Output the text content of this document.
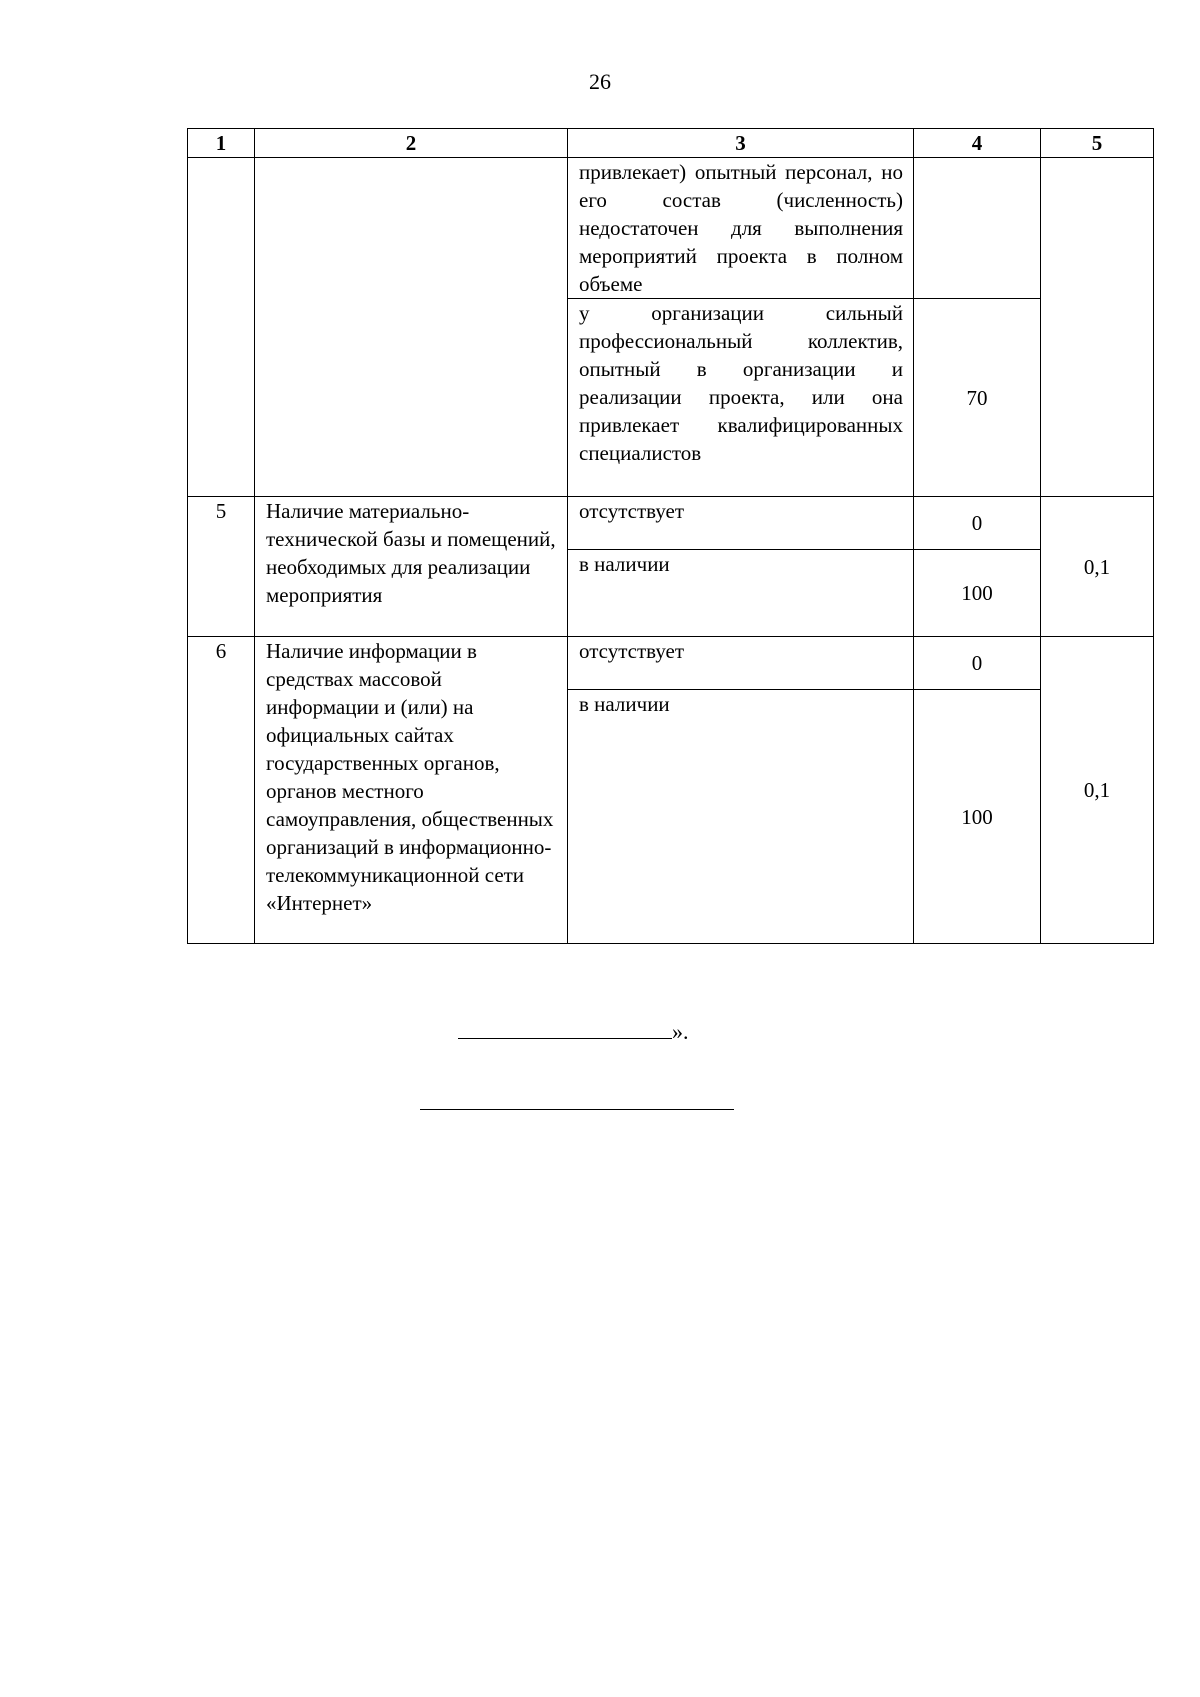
26
1	2	3	4	5
		привлекает) опытный персонал, но его состав (численность) недостаточен для выполнения мероприятий проекта в полном объеме		
		у организации сильный профессиональный коллектив, опытный в организации и реализации проекта, или она привлекает квалифицированных специалистов	70	
5	Наличие материально-технической базы и помещений, необходимых для реализации мероприятия	отсутствует	0	0,1
		в наличии	100	
6	Наличие информации в средствах массовой информации и (или) на официальных сайтах государственных органов, органов местного самоуправления, общественных организаций в информационно-телекоммуникационной сети «Интернет»	отсутствует	0	0,1
		в наличии	100	
».
